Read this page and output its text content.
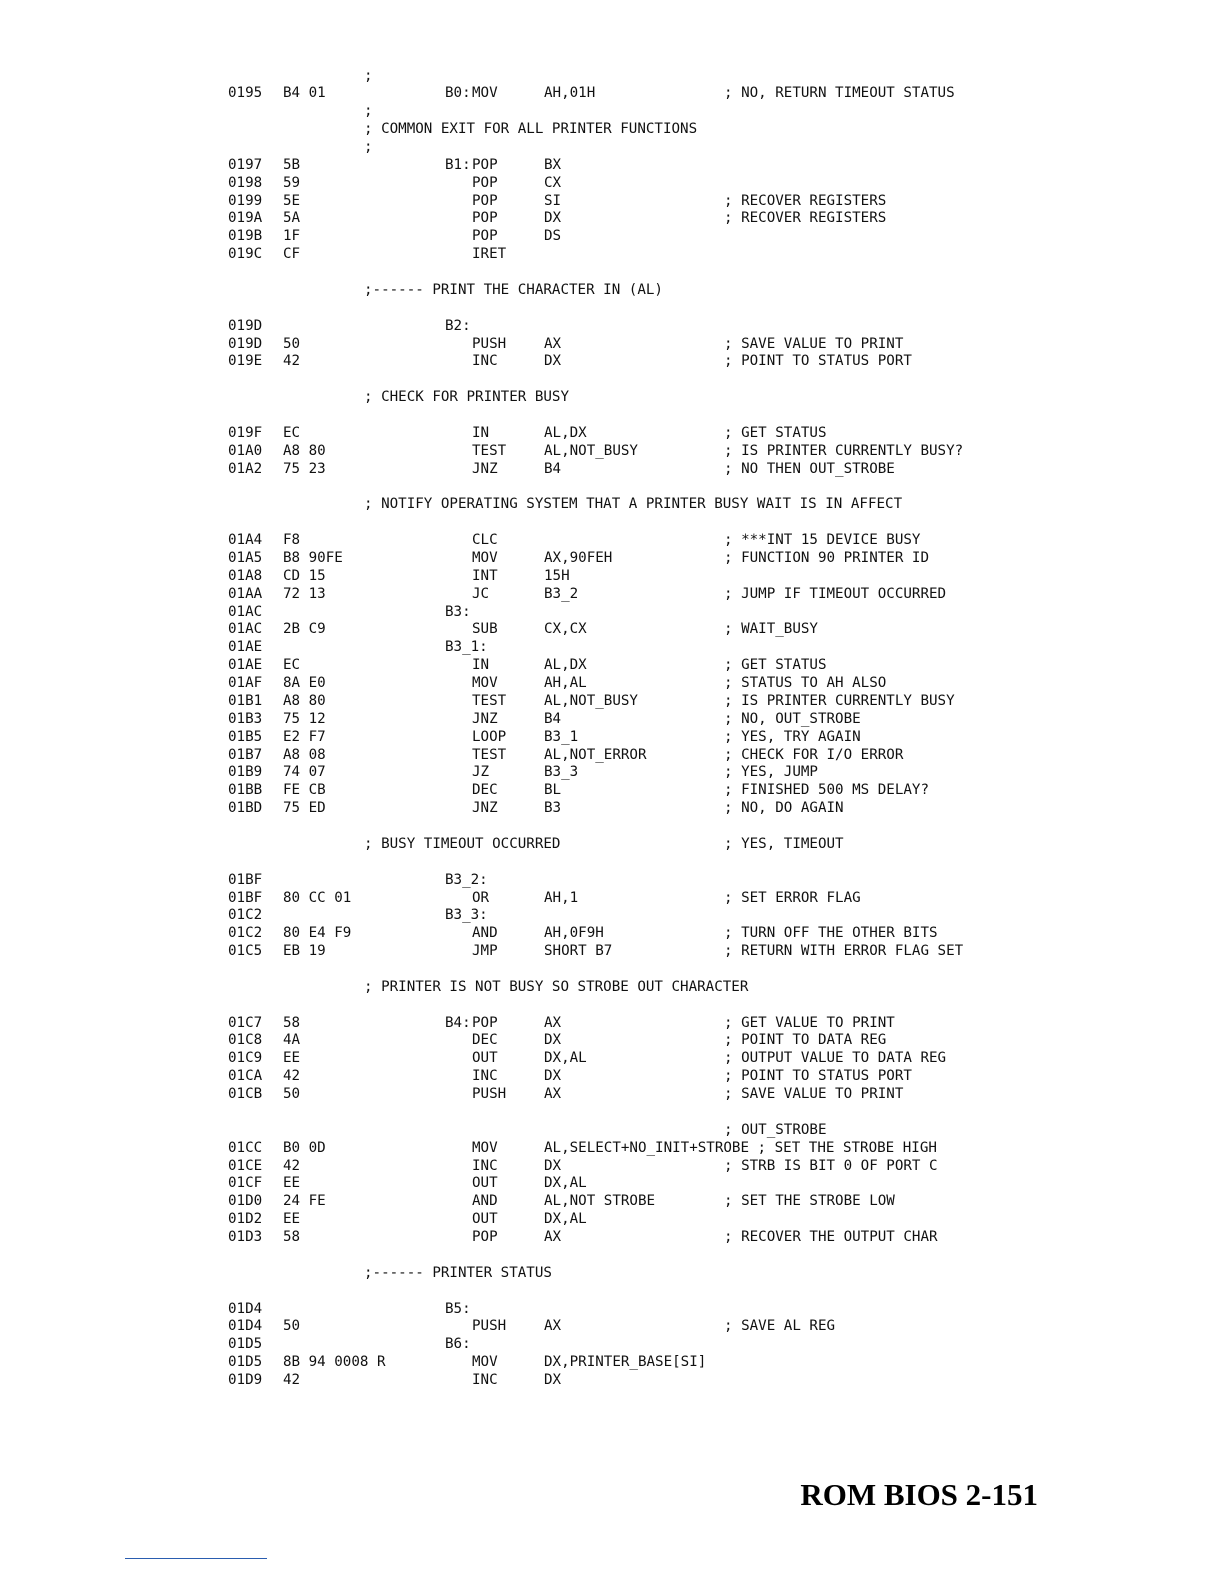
;
0195 B4 01	B0: MOV	AH,01H	; NO, RETURN TIMEOUT STATUS
;
; COMMON EXIT FOR ALL PRINTER FUNCTIONS
;
0197 5B	B1: POP	BX
0198 59	POP	CX
0199 5E	POP	SI	; RECOVER REGISTERS
019A 5A	POP	DX	; RECOVER REGISTERS
019B 1F	POP	DS
019C CF	IRET
;------ PRINT THE CHARACTER IN (AL)
019D	B2:
019D 50	PUSH	AX	; SAVE VALUE TO PRINT
019E 42	INC	DX	; POINT TO STATUS PORT
; CHECK FOR PRINTER BUSY
019F EC	IN	AL,DX	; GET STATUS
01A0 A8 80	TEST	AL,NOT_BUSY	; IS PRINTER CURRENTLY BUSY?
01A2 75 23	JNZ	B4	; NO THEN OUT_STROBE
; NOTIFY OPERATING SYSTEM THAT A PRINTER BUSY WAIT IS IN AFFECT
01A4 F8	CLC	; ***INT 15 DEVICE BUSY
01A5 B8 90FE	MOV	AX,90FEH	; FUNCTION 90 PRINTER ID
01A8 CD 15	INT	15H
01AA 72 13	JC	B3_2	; JUMP IF TIMEOUT OCCURRED
01AC	B3:
01AC 2B C9	SUB	CX,CX	; WAIT_BUSY
01AE	B3_1:
01AE EC	IN	AL,DX	; GET STATUS
01AF 8A E0	MOV	AH,AL	; STATUS TO AH ALSO
01B1 A8 80	TEST	AL,NOT_BUSY	; IS PRINTER CURRENTLY BUSY
01B3 75 12	JNZ	B4	; NO, OUT_STROBE
01B5 E2 F7	LOOP	B3_1	; YES, TRY AGAIN
01B7 A8 08	TEST	AL,NOT_ERROR	; CHECK FOR I/O ERROR
01B9 74 07	JZ	B3_3	; YES, JUMP
01BB FE CB	DEC	BL	; FINISHED 500 MS DELAY?
01BD 75 ED	JNZ	B3	; NO, DO AGAIN
; YES, TIMEOUT
; BUSY TIMEOUT OCCURRED
01BF	B3_2:
01BF 80 CC 01	OR	AH,1	; SET ERROR FLAG
01C2	B3_3:
01C2 80 E4 F9	AND	AH,0F9H	; TURN OFF THE OTHER BITS
01C5 EB 19	JMP	SHORT B7	; RETURN WITH ERROR FLAG SET
; PRINTER IS NOT BUSY SO STROBE OUT CHARACTER
01C7 58	B4: POP	AX	; GET VALUE TO PRINT
01C8 4A	DEC	DX	; POINT TO DATA REG
01C9 EE	OUT	DX,AL	; OUTPUT VALUE TO DATA REG
01CA 42	INC	DX	; POINT TO STATUS PORT
01CB 50	PUSH	AX	; SAVE VALUE TO PRINT
; OUT_STROBE
01CC B0 0D	MOV	AL,SELECT+NO_INIT+STROBE ; SET THE STROBE HIGH
01CE 42	INC	DX	; STRB IS BIT 0 OF PORT C
01CF EE	OUT	DX,AL
01D0 24 FE	AND	AL,NOT STROBE	; SET THE STROBE LOW
01D2 EE	OUT	DX,AL
01D3 58	POP	AX	; RECOVER THE OUTPUT CHAR
;------ PRINTER STATUS
01D4	B5:
01D4 50	PUSH	AX	; SAVE AL REG
01D5	B6:
01D5 8B 94 0008 R	MOV	DX,PRINTER_BASE[SI]
01D9 42	INC	DX
ROM BIOS 2-151
